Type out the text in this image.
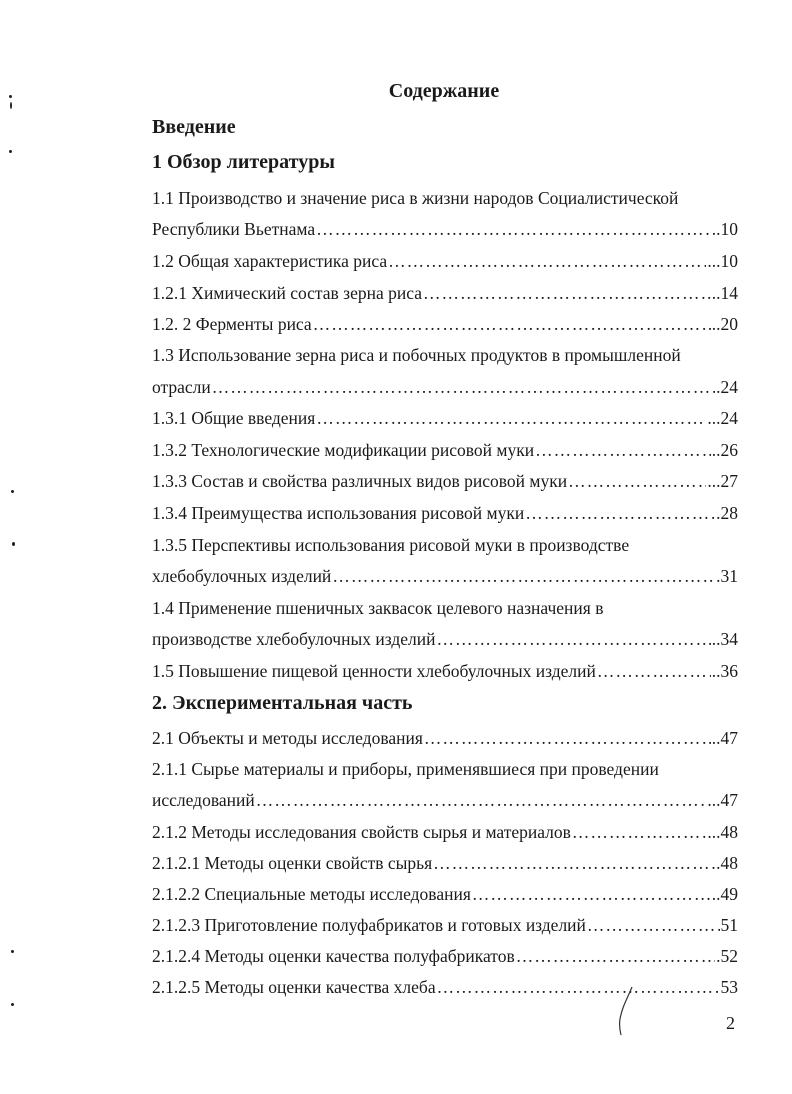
Содержание
Введение
1 Обзор литературы
1.1 Производство и значение риса в жизни народов Социалистической
Республики Вьетнама …………………………………………………………………………………………………………………………………………	..10
1.2 Общая характеристика риса …………………………………………………………………………………………………………………………………………	...10
1.2.1 Химический состав зерна риса …………………………………………………………………………………………………………………………………………	..14
1.2. 2 Ферменты риса …………………………………………………………………………………………………………………………………………	..20
1.3 Использование зерна риса и побочных продуктов в промышленной
отрасли …………………………………………………………………………………………………………………………………………	.24
1.3.1 Общие введения …………………………………………………………………………………………………………………………………………	...24
1.3.2 Технологические модификации рисовой муки …………………………………………………………………………………………………………………………………………	..26
1.3.3 Состав и свойства различных видов рисовой муки …………………………………………………………………………………………………………………………………………	...27
1.3.4 Преимущества использования рисовой муки …………………………………………………………………………………………………………………………………………	.28
1.3.5 Перспективы использования рисовой муки в производстве
хлебобулочных изделий …………………………………………………………………………………………………………………………………………	.31
1.4 Применение пшеничных заквасок целевого назначения в
производстве хлебобулочных изделий …………………………………………………………………………………………………………………………………………	..34
1.5 Повышение пищевой ценности хлебобулочных изделий …………………………………………………………………………………………………………………………………………	..36
2. Экспериментальная часть
2.1 Объекты и методы исследования …………………………………………………………………………………………………………………………………………	..47
2.1.1 Сырье материалы и приборы, применявшиеся при проведении
исследований …………………………………………………………………………………………………………………………………………	...47
2.1.2 Методы исследования свойств сырья и материалов …………………………………………………………………………………………………………………………………………	...48
2.1.2.1 Методы оценки свойств сырья …………………………………………………………………………………………………………………………………………	.48
2.1.2.2 Специальные методы исследования …………………………………………………………………………………………………………………………………………	..49
2.1.2.3 Приготовление полуфабрикатов и готовых изделий …………………………………………………………………………………………………………………………………………	51
2.1.2.4 Методы оценки качества полуфабрикатов …………………………………………………………………………………………………………………………………………	.52
2.1.2.5 Методы оценки качества хлеба …………………………………………………………………………………………………………………………………………	53
2
